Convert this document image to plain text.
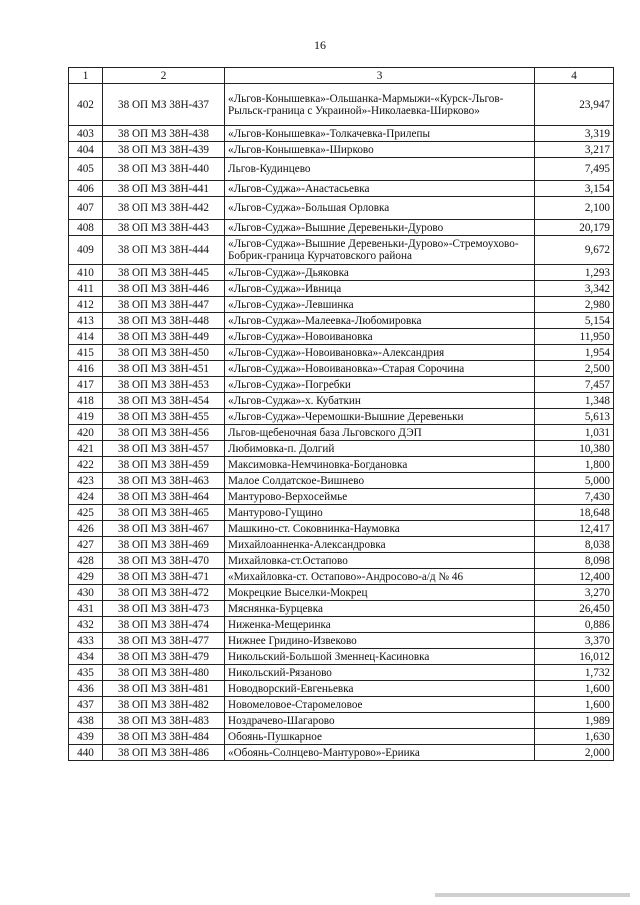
16
1	2	3	4
402	38 ОП МЗ 38Н-437	«Льгов-Конышевка»-Ольшанка-Мармыжи-«Курск-Льгов-Рыльск-граница с Украиной»-Николаевка-Ширково»	23,947
403	38 ОП МЗ 38Н-438	«Льгов-Конышевка»-Толкачевка-Прилепы	3,319
404	38 ОП МЗ 38Н-439	«Льгов-Конышевка»-Ширково	3,217
405	38 ОП МЗ 38Н-440	Льгов-Кудинцево	7,495
406	38 ОП МЗ 38Н-441	«Льгов-Суджа»-Анастасьевка	3,154
407	38 ОП МЗ 38Н-442	«Льгов-Суджа»-Большая Орловка	2,100
408	38 ОП МЗ 38Н-443	«Льгов-Суджа»-Вышние Деревеньки-Дурово	20,179
409	38 ОП МЗ 38Н-444	«Льгов-Суджа»-Вышние Деревеньки-Дурово»-Стремоухово-Бобрик-граница Курчатовского района	9,672
410	38 ОП МЗ 38Н-445	«Льгов-Суджа»-Дьяковка	1,293
411	38 ОП МЗ 38Н-446	«Льгов-Суджа»-Ивница	3,342
412	38 ОП МЗ 38Н-447	«Льгов-Суджа»-Левшинка	2,980
413	38 ОП МЗ 38Н-448	«Льгов-Суджа»-Малеевка-Любомировка	5,154
414	38 ОП МЗ 38Н-449	«Льгов-Суджа»-Новоивановка	11,950
415	38 ОП МЗ 38Н-450	«Льгов-Суджа»-Новоивановка»-Александрия	1,954
416	38 ОП МЗ 38Н-451	«Льгов-Суджа»-Новоивановка»-Старая Сорочина	2,500
417	38 ОП МЗ 38Н-453	«Льгов-Суджа»-Погребки	7,457
418	38 ОП МЗ 38Н-454	«Льгов-Суджа»-х. Кубаткин	1,348
419	38 ОП МЗ 38Н-455	«Льгов-Суджа»-Черемошки-Вышние Деревеньки	5,613
420	38 ОП МЗ 38Н-456	Льгов-щебеночная база Льговского ДЭП	1,031
421	38 ОП МЗ 38Н-457	Любимовка-п. Долгий	10,380
422	38 ОП МЗ 38Н-459	Максимовка-Немчиновка-Богдановка	1,800
423	38 ОП МЗ 38Н-463	Малое Солдатское-Вишнево	5,000
424	38 ОП МЗ 38Н-464	Мантурово-Верхосеймье	7,430
425	38 ОП МЗ 38Н-465	Мантурово-Гущино	18,648
426	38 ОП МЗ 38Н-467	Машкино-ст. Соковнинка-Наумовка	12,417
427	38 ОП МЗ 38Н-469	Михайлоанненка-Александровка	8,038
428	38 ОП МЗ 38Н-470	Михайловка-ст.Остапово	8,098
429	38 ОП МЗ 38Н-471	«Михайловка-ст. Остапово»-Андросово-а/д № 46	12,400
430	38 ОП МЗ 38Н-472	Мокрецкие Выселки-Мокрец	3,270
431	38 ОП МЗ 38Н-473	Мяснянка-Бурцевка	26,450
432	38 ОП МЗ 38Н-474	Ниженка-Мещеринка	0,886
433	38 ОП МЗ 38Н-477	Нижнее Гридино-Извеково	3,370
434	38 ОП МЗ 38Н-479	Никольский-Большой Зменнец-Касиновка	16,012
435	38 ОП МЗ 38Н-480	Никольский-Рязаново	1,732
436	38 ОП МЗ 38Н-481	Новодворский-Евгеньевка	1,600
437	38 ОП МЗ 38Н-482	Новомеловое-Старомеловое	1,600
438	38 ОП МЗ 38Н-483	Ноздрачево-Шагарово	1,989
439	38 ОП МЗ 38Н-484	Обоянь-Пушкарное	1,630
440	38 ОП МЗ 38Н-486	«Обоянь-Солнцево-Мантурово»-Ериика	2,000
